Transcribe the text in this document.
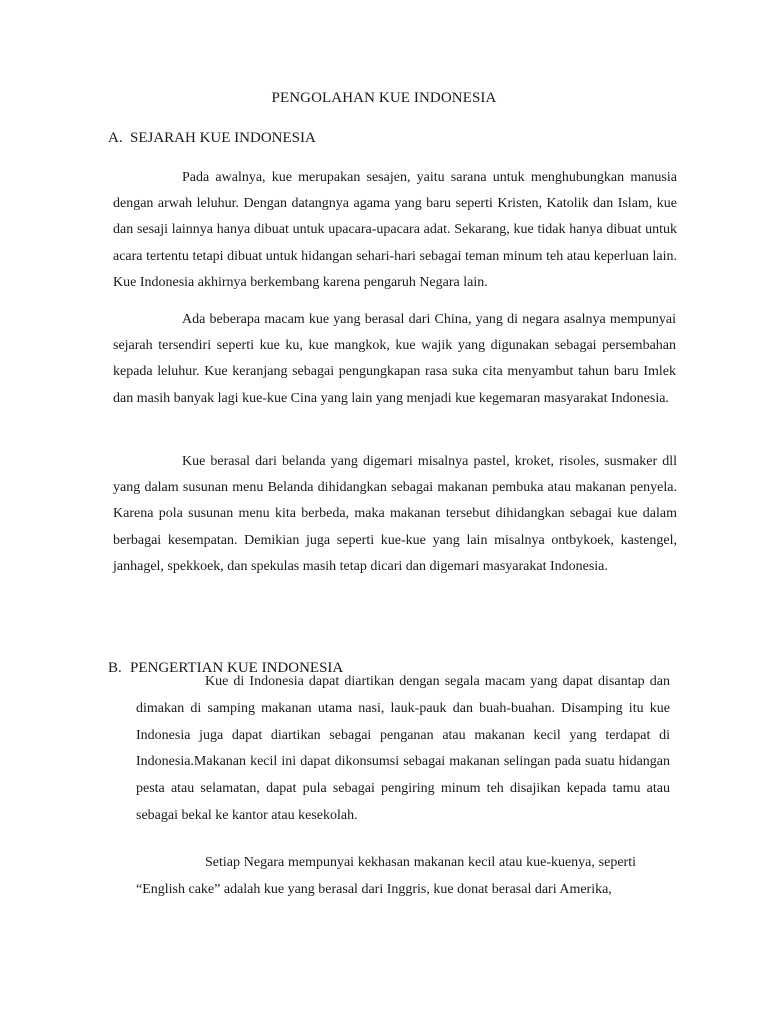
PENGOLAHAN KUE INDONESIA
A. SEJARAH KUE INDONESIA

Pada awalnya, kue merupakan sesajen, yaitu sarana untuk menghubungkan manusia dengan arwah leluhur. Dengan datangnya agama yang baru seperti Kristen, Katolik dan Islam, kue dan sesaji lainnya hanya dibuat untuk upacara-upacara adat. Sekarang, kue tidak hanya dibuat untuk acara tertentu tetapi dibuat untuk hidangan sehari-hari sebagai teman minum teh atau keperluan lain. Kue Indonesia akhirnya berkembang karena pengaruh Negara lain.

Ada beberapa macam kue yang berasal dari China, yang di negara asalnya mempunyai sejarah tersendiri seperti kue ku, kue mangkok, kue wajik yang digunakan sebagai persembahan kepada leluhur. Kue keranjang sebagai pengungkapan rasa suka cita menyambut tahun baru Imlek dan masih banyak lagi kue-kue Cina yang lain yang menjadi kue kegemaran masyarakat Indonesia.

Kue berasal dari belanda yang digemari misalnya pastel, kroket, risoles, susmaker dll yang dalam susunan menu Belanda dihidangkan sebagai makanan pembuka atau makanan penyela. Karena pola susunan menu kita berbeda, maka makanan tersebut dihidangkan sebagai kue dalam berbagai kesempatan. Demikian juga seperti kue-kue yang lain misalnya ontbykoek, kastengel, janhagel, spekkoek, dan spekulas masih tetap dicari dan digemari masyarakat Indonesia.

B. PENGERTIAN KUE INDONESIA

Kue di Indonesia dapat diartikan dengan segala macam yang dapat disantap dan dimakan di samping makanan utama nasi, lauk-pauk dan buah-buahan. Disamping itu kue Indonesia juga dapat diartikan sebagai penganan atau makanan kecil yang terdapat di Indonesia.Makanan kecil ini dapat dikonsumsi sebagai makanan selingan pada suatu hidangan pesta atau selamatan, dapat pula sebagai pengiring minum teh disajikan kepada tamu atau sebagai bekal ke kantor atau kesekolah.

Setiap Negara mempunyai kekhasan makanan kecil atau kue-kuenya, seperti “English cake” adalah kue yang berasal dari Inggris, kue donat berasal dari Amerika,
